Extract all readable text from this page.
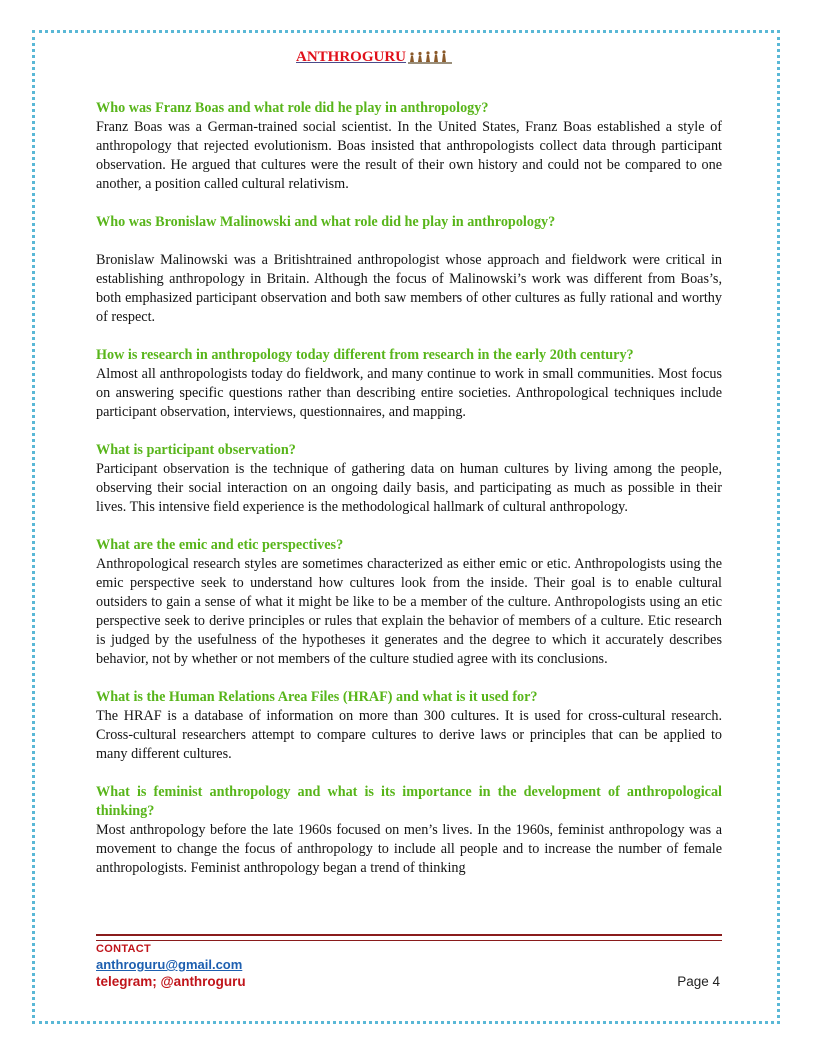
ANTHROGURU
Who was Franz Boas and what role did he play in anthropology?
Franz Boas was a German-trained social scientist. In the United States, Franz Boas established a style of anthropology that rejected evolutionism. Boas insisted that anthropologists collect data through participant observation. He argued that cultures were the result of their own history and could not be compared to one another, a position called cultural relativism.
Who was Bronislaw Malinowski and what role did he play in anthropology?
Bronislaw Malinowski was a Britishtrained anthropologist whose approach and fieldwork were critical in establishing anthropology in Britain. Although the focus of Malinowski’s work was different from Boas’s, both emphasized participant observation and both saw members of other cultures as fully rational and worthy of respect.
How is research in anthropology today different from research in the early 20th century?
Almost all anthropologists today do fieldwork, and many continue to work in small communities. Most focus on answering specific questions rather than describing entire societies. Anthropological techniques include participant observation, interviews, questionnaires, and mapping.
What is participant observation?
Participant observation is the technique of gathering data on human cultures by living among the people, observing their social interaction on an ongoing daily basis, and participating as much as possible in their lives. This intensive field experience is the methodological hallmark of cultural anthropology.
What are the emic and etic perspectives?
Anthropological research styles are sometimes characterized as either emic or etic. Anthropologists using the emic perspective seek to understand how cultures look from the inside. Their goal is to enable cultural outsiders to gain a sense of what it might be like to be a member of the culture. Anthropologists using an etic perspective seek to derive principles or rules that explain the behavior of members of a culture. Etic research is judged by the usefulness of the hypotheses it generates and the degree to which it accurately describes behavior, not by whether or not members of the culture studied agree with its conclusions.
What is the Human Relations Area Files (HRAF) and what is it used for?
The HRAF is a database of information on more than 300 cultures. It is used for cross-cultural research. Cross-cultural researchers attempt to compare cultures to derive laws or principles that can be applied to many different cultures.
What is feminist anthropology and what is its importance in the development of anthropological thinking?
Most anthropology before the late 1960s focused on men’s lives. In the 1960s, feminist anthropology was a movement to change the focus of anthropology to include all people and to increase the number of female anthropologists. Feminist anthropology began a trend of thinking
CONTACT
anthroguru@gmail.com
telegram; @anthroguru	Page 4
